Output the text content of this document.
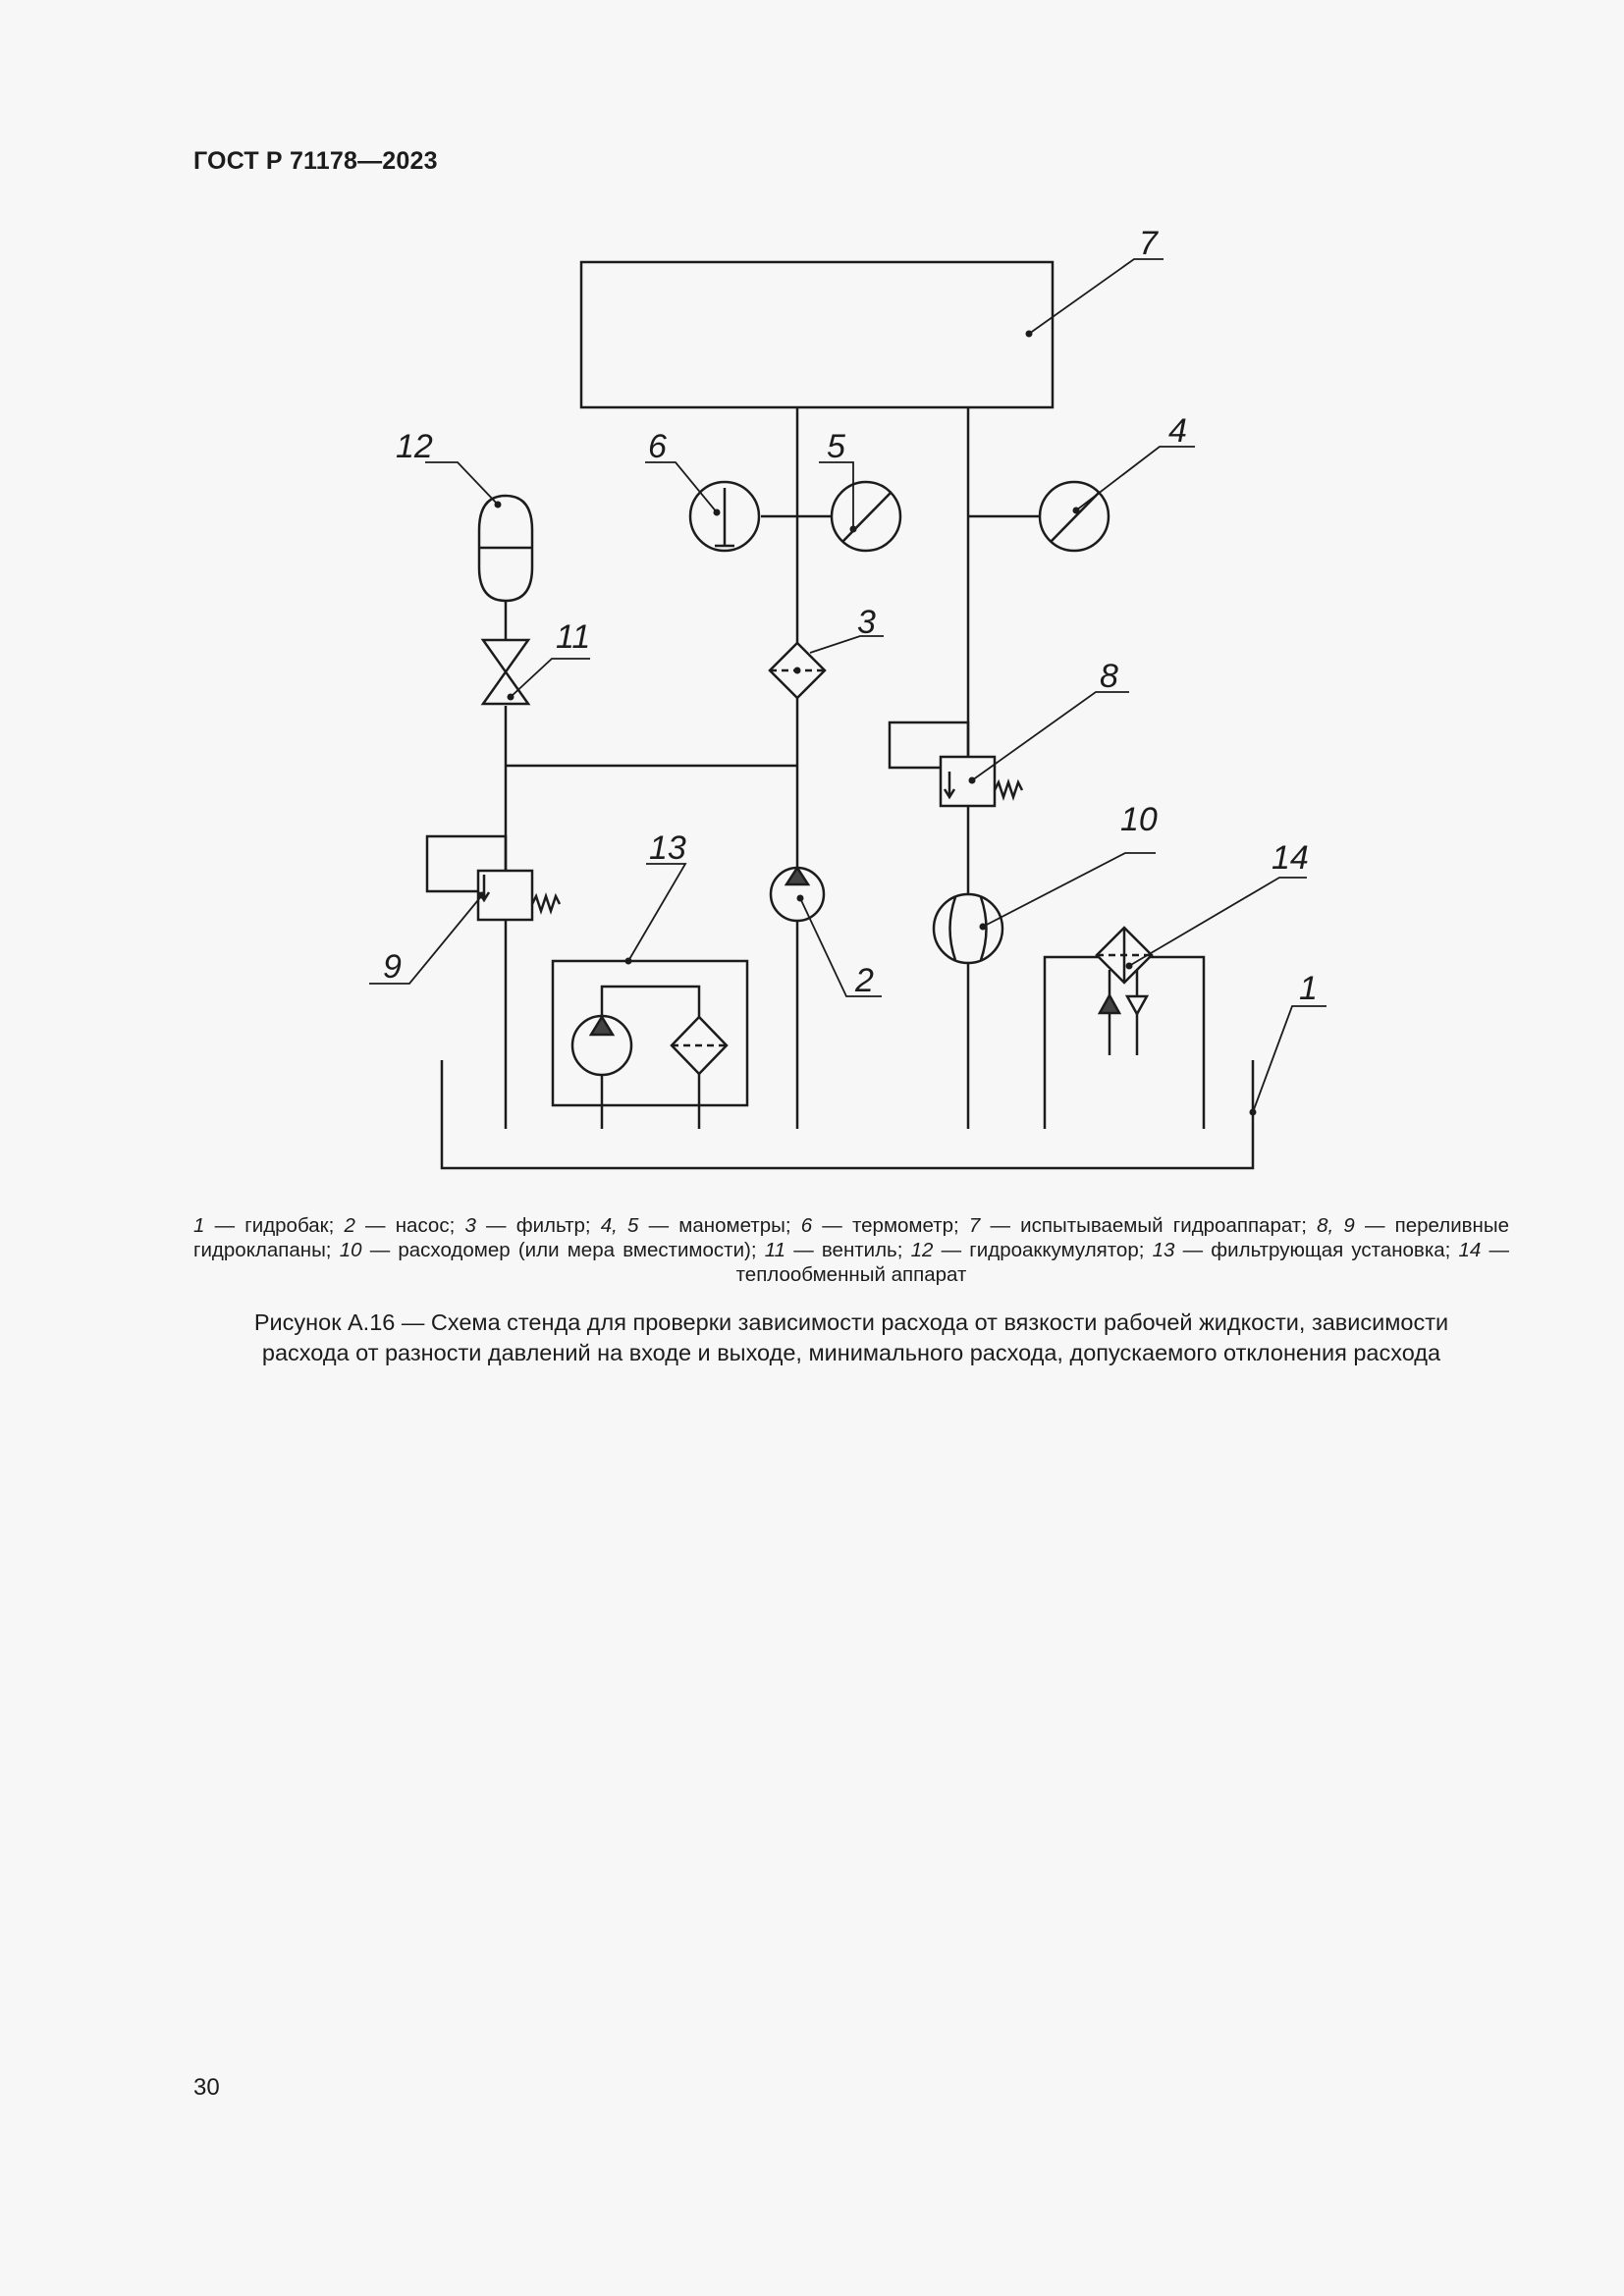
ГОСТ Р 71178—2023
1
2
3
4
5
6
7
8
9
10
11
12
13	14
1 — гидробак; 2 — насос; 3 — фильтр; 4, 5 — манометры; 6 — термометр; 7 — испытываемый гидроаппарат; 8, 9 — переливные гидроклапаны; 10 — расходомер (или мера вместимости); 11 — вентиль; 12 — гидроаккумулятор; 13 — фильтрующая установка; 14 — теплообменный аппарат
Рисунок А.16 — Схема стенда для проверки зависимости расхода от вязкости рабочей жидкости, зависимости
расхода от разности давлений на входе и выходе, минимального расхода, допускаемого отклонения расхода
30
